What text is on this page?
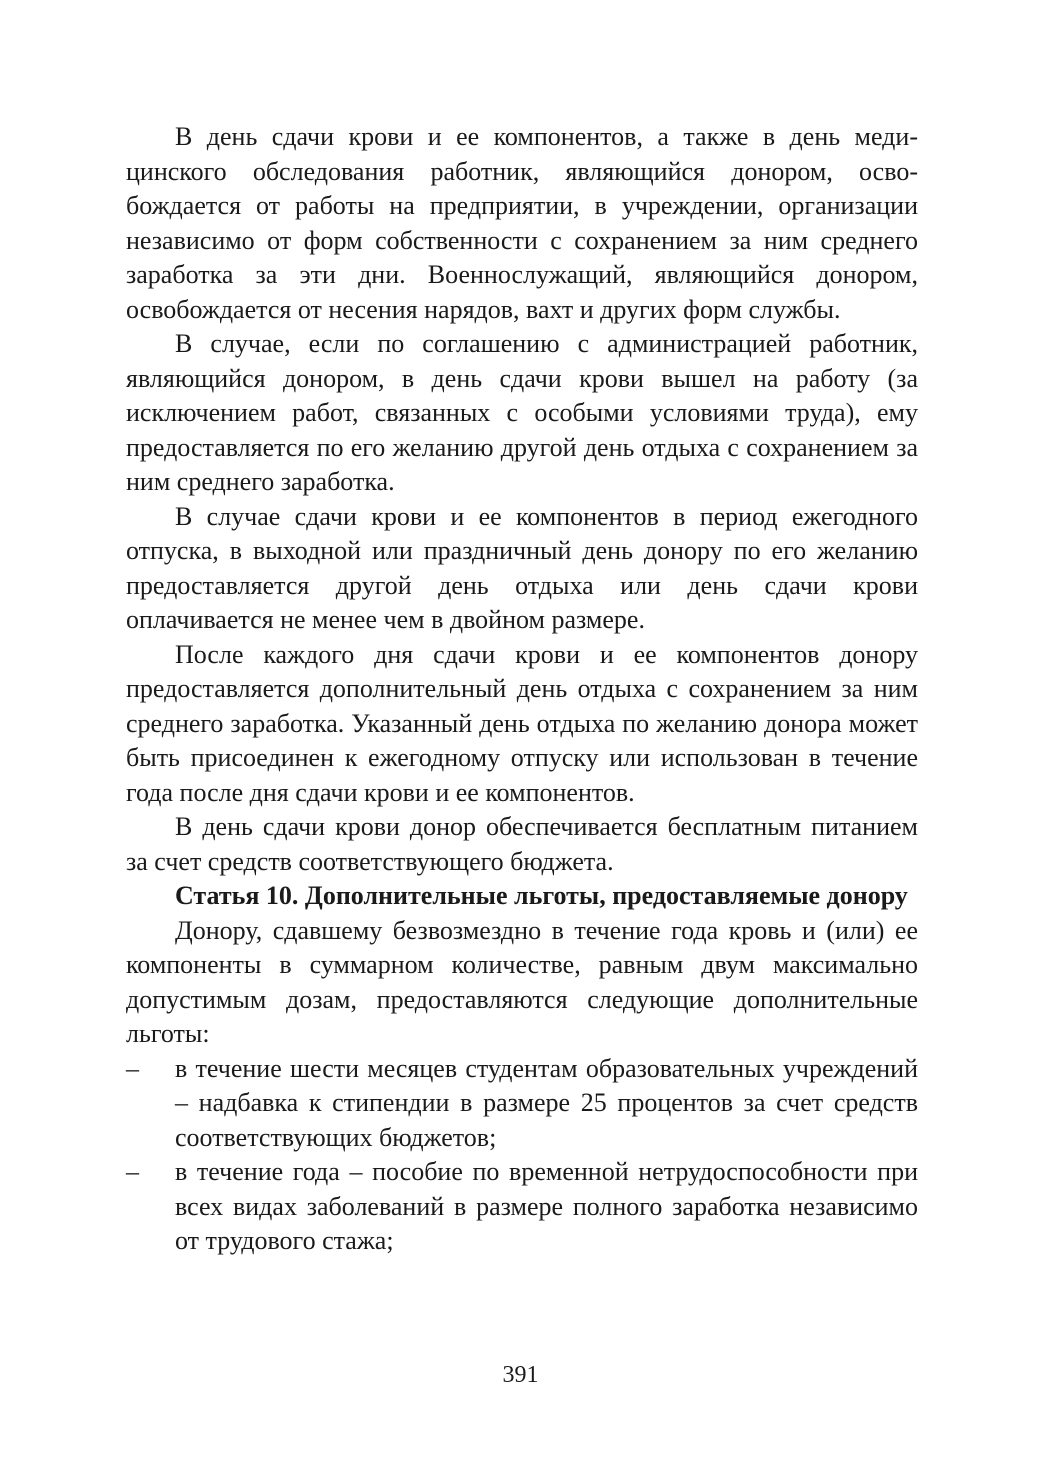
В день сдачи крови и ее компонентов, а также в день медицинского обследования работник, являющийся донором, освобождается от работы на предприятии, в учреждении, организации независимо от форм собственности с сохранением за ним среднего заработка за эти дни. Военнослужащий, являющийся донором, освобождается от несения нарядов, вахт и других форм службы.

В случае, если по соглашению с администрацией работник, являющийся донором, в день сдачи крови вышел на работу (за исключением работ, связанных с особыми условиями труда), ему предоставляется по его желанию другой день отдыха с сохранением за ним среднего заработка.

В случае сдачи крови и ее компонентов в период ежегодного отпуска, в выходной или праздничный день донору по его желанию предоставляется другой день отдыха или день сдачи крови оплачивается не менее чем в двойном размере.

После каждого дня сдачи крови и ее компонентов донору предоставляется дополнительный день отдыха с сохранением за ним среднего заработка. Указанный день отдыха по желанию донора может быть присоединен к ежегодному отпуску или использован в течение года после дня сдачи крови и ее компонентов.

В день сдачи крови донор обеспечивается бесплатным питанием за счет средств соответствующего бюджета.

Статья 10. Дополнительные льготы, предоставляемые донору

Донору, сдавшему безвозмездно в течение года кровь и (или) ее компоненты в суммарном количестве, равным двум максимально допустимым дозам, предоставляются следующие дополнительные льготы:

– в течение шести месяцев студентам образовательных учреждений – надбавка к стипендии в размере 25 процентов за счет средств соответствующих бюджетов;
– в течение года – пособие по временной нетрудоспособности при всех видах заболеваний в размере полного заработка независимо от трудового стажа;
391
